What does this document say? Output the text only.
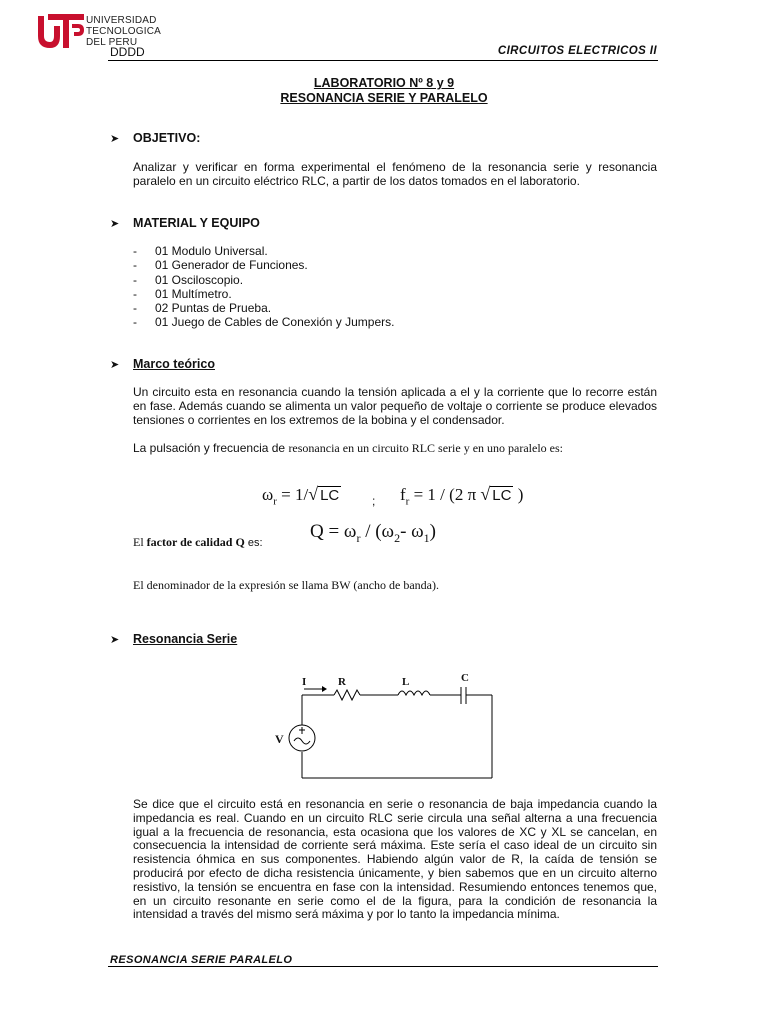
UNIVERSIDAD
TECNOLOGICA
DEL PERU
DDDD	CIRCUITOS ELECTRICOS II
LABORATORIO Nº 8 y 9
RESONANCIA SERIE Y PARALELO
➤ OBJETIVO:
Analizar y verificar en forma experimental el fenómeno de la resonancia serie y resonancia paralelo en un circuito eléctrico RLC, a partir de los datos tomados en el laboratorio.
➤ MATERIAL Y EQUIPO
- 01 Modulo Universal.
- 01 Generador de Funciones.
- 01 Osciloscopio.
- 01 Multímetro.
- 02 Puntas de Prueba.
- 01 Juego de Cables de Conexión y Jumpers.
➤ Marco teórico
Un circuito esta en resonancia cuando la tensión aplicada a el y la corriente que lo recorre están en fase. Además cuando se alimenta un valor pequeño de voltaje o corriente se produce elevados tensiones o corrientes en los extremos de la bobina y el condensador.
La pulsación y frecuencia de resonancia en un circuito RLC serie y en uno paralelo es:
$\omega_r = 1/√$ LC	; $f_r = 1 / (2$ π √ LC )
El factor de calidad Q es:
$Q = \omega_r / (\omega_2-$ $\omega_1$)
El denominador de la expresión se llama BW (ancho de banda).
➤ Resonancia Serie
I	R	L	C
V
Se dice que el circuito está en resonancia en serie o resonancia de baja impedancia cuando la impedancia es real. Cuando en un circuito RLC serie circula una señal alterna a una frecuencia igual a la frecuencia de resonancia, esta ocasiona que los valores de XC y XL se cancelan, en consecuencia la intensidad de corriente será máxima. Este sería el caso ideal de un circuito sin resistencia óhmica en sus componentes. Habiendo algún valor de R, la caída de tensión se producirá por efecto de dicha resistencia únicamente, y bien sabemos que en un circuito alterno resistivo, la tensión se encuentra en fase con la intensidad. Resumiendo entonces tenemos que, en un circuito resonante en serie como el de la figura, para la condición de resonancia la intensidad a través del mismo será máxima y por lo tanto la impedancia mínima.
RESONANCIA SERIE PARALELO
